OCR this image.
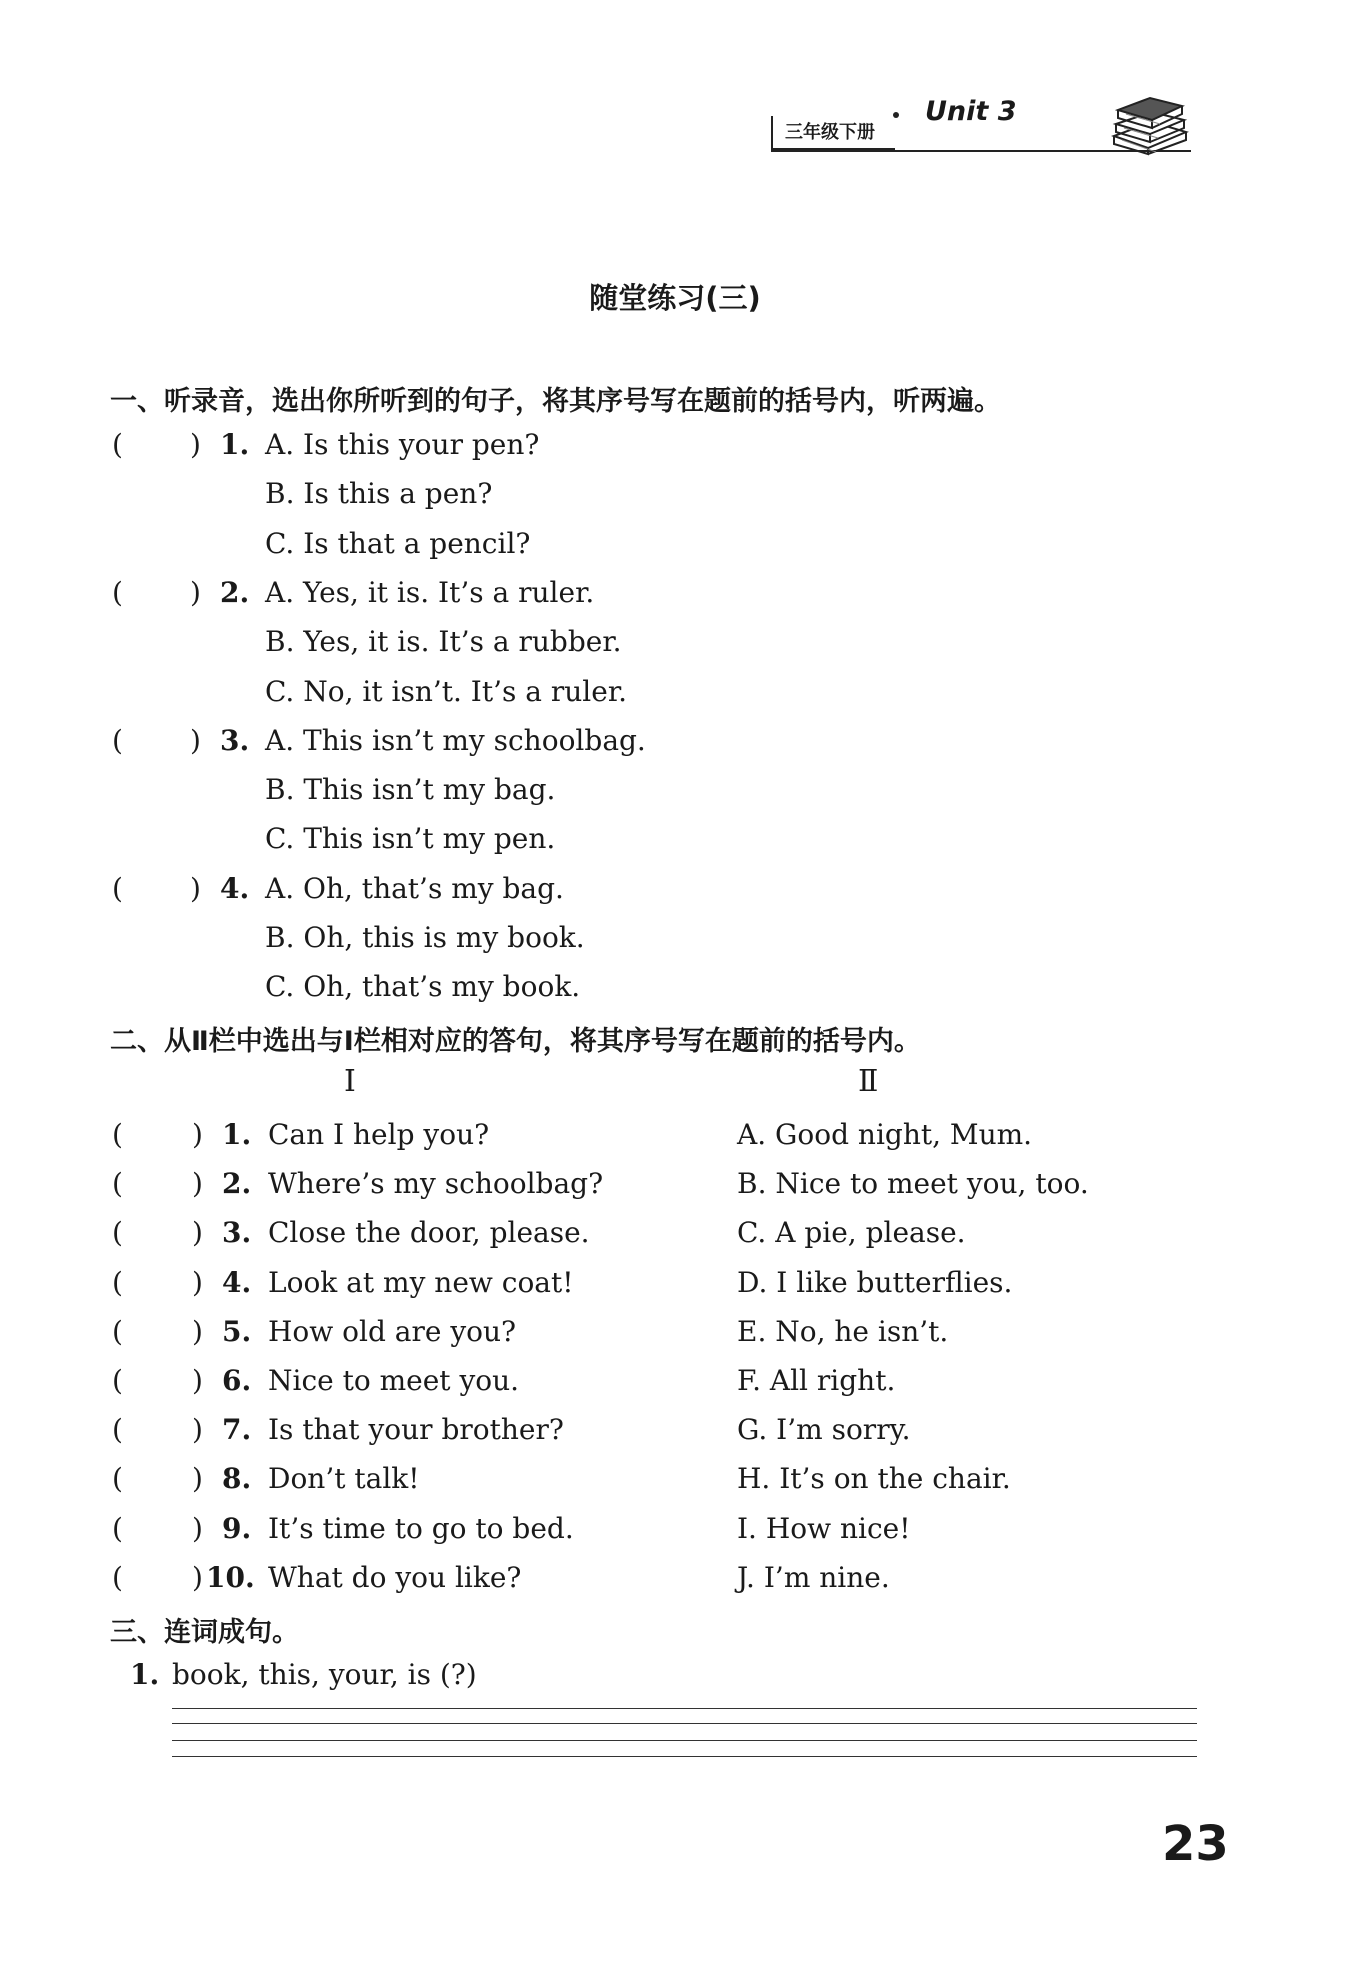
三年级下册
Unit 3
随堂练习(三)
一、听录音，选出你所听到的句子，将其序号写在题前的括号内，听两遍。
( ) 1. A. Is this your pen?
B. Is this a pen?
C. Is that a pencil?
( ) 2. A. Yes, it is. It’s a ruler.
B. Yes, it is. It’s a rubber.
C. No, it isn’t. It’s a ruler.
( ) 3. A. This isn’t my schoolbag.
B. This isn’t my bag.
C. This isn’t my pen.
( ) 4. A. Oh, that’s my bag.
B. Oh, this is my book.
C. Oh, that’s my book.
二、从Ⅱ栏中选出与Ⅰ栏相对应的答句，将其序号写在题前的括号内。
Ⅰ	Ⅱ
( ) 1. Can I help you?	A. Good night, Mum.
( ) 2. Where’s my schoolbag?	B. Nice to meet you, too.
( ) 3. Close the door, please.	C. A pie, please.
( ) 4. Look at my new coat!	D. I like butterflies.
( ) 5. How old are you?	E. No, he isn’t.
( ) 6. Nice to meet you.	F. All right.
( ) 7. Is that your brother?	G. I’m sorry.
( ) 8. Don’t talk!	H. It’s on the chair.
( ) 9. It’s time to go to bed.	I. How nice!
( ) 10. What do you like?	J. I’m nine.
三、连词成句。
1. book, this, your, is (?)
23
